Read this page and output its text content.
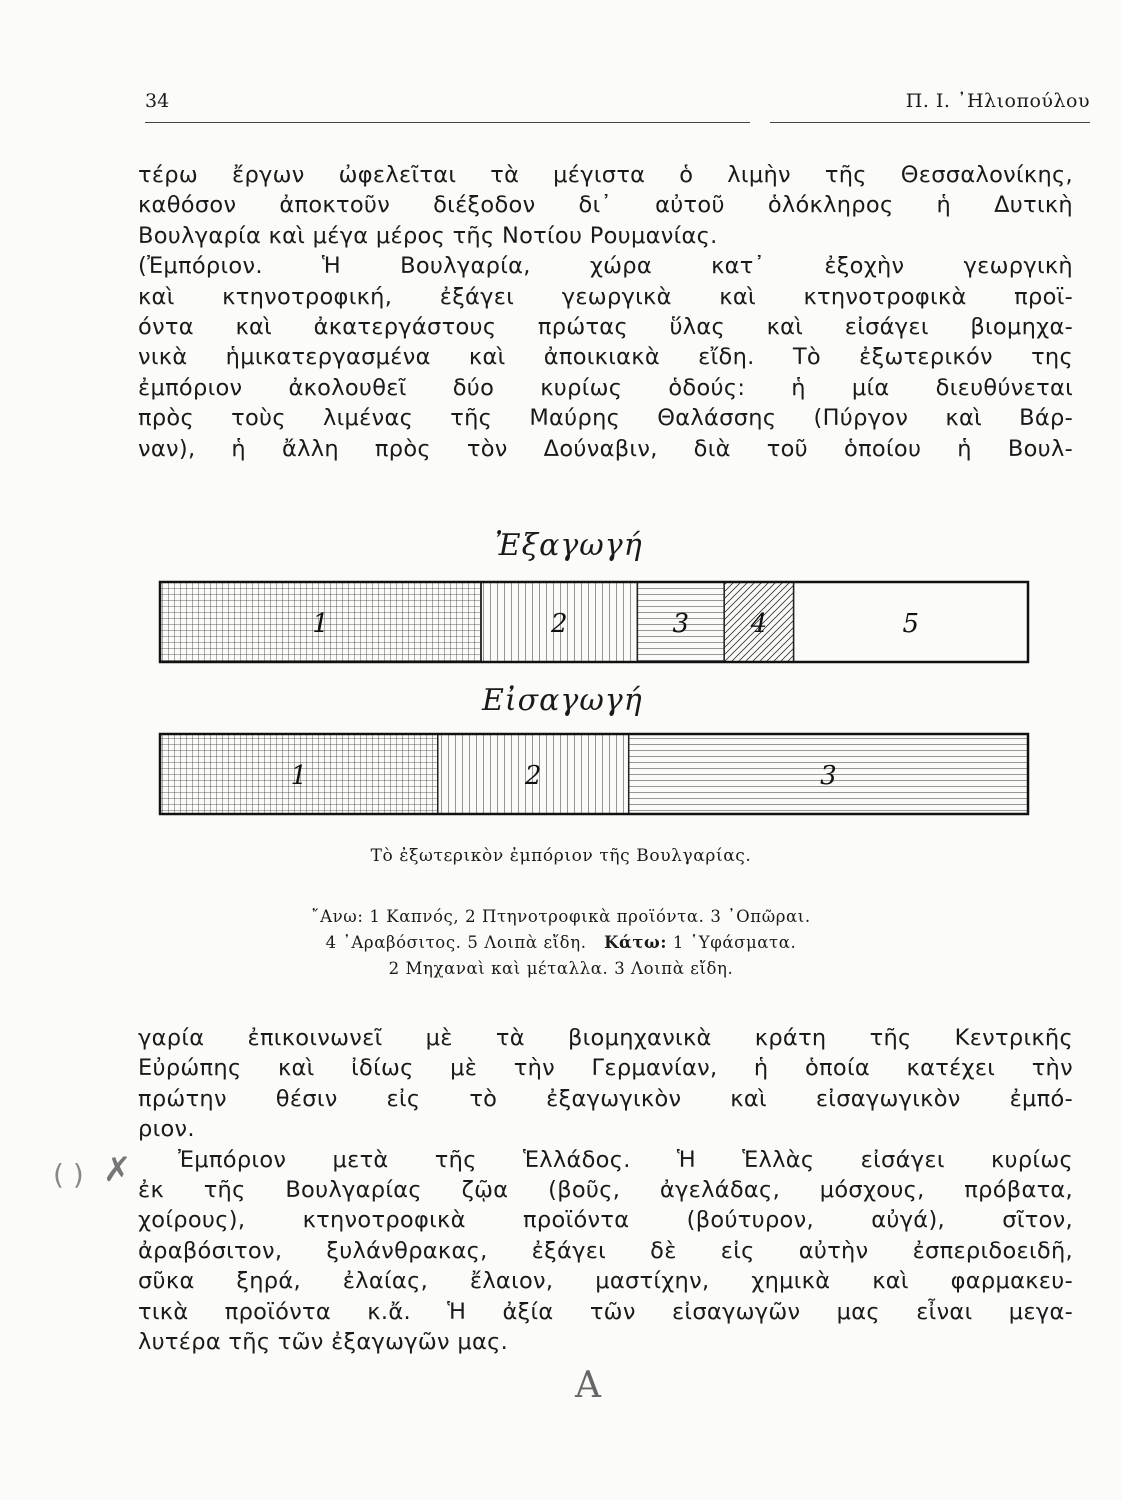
34	Π. Ι. ᾿Ηλιοπούλου
τέρω ἔργων ὠφελεῖται τὰ μέγιστα ὁ λιμὴν τῆς Θεσσαλονίκης,
καθόσον ἀποκτοῦν διέξοδον δι᾿ αὐτοῦ ὁλόκληρος ἡ Δυτικὴ
Βουλγαρία καὶ μέγα μέρος τῆς Νοτίου Ρουμανίας.
(Ἐμπόριον. Ἡ Βουλγαρία, χώρα κατ᾿ ἐξοχὴν γεωργικὴ
καὶ κτηνοτροφική, ἐξάγει γεωργικὰ καὶ κτηνοτροφικὰ προϊ-
όντα καὶ ἀκατεργάστους πρώτας ὕλας καὶ εἰσάγει βιομηχα-
νικὰ ἡμικατεργασμένα καὶ ἀποικιακὰ εἴδη. Τὸ ἐξωτερικόν της
ἐμπόριον ἀκολουθεῖ δύο κυρίως ὁδούς: ἡ μία διευθύνεται
πρὸς τοὺς λιμένας τῆς Μαύρης Θαλάσσης (Πύργον καὶ Βάρ-
ναν), ἡ ἄλλη πρὸς τὸν Δούναβιν, διὰ τοῦ ὁποίου ἡ Βουλ-
Ἐξαγωγή
Εἰσαγωγή
1	2	3 4	5
1	2	3
Τὸ ἐξωτερικὸν ἐμπόριον τῆς Βουλγαρίας.
῎Ανω: 1 Καπνός, 2 Πτηνοτροφικὰ προϊόντα. 3 ᾿Οπῶραι.
4 ᾿Αραβόσιτος. 5 Λοιπὰ εἴδη. Κάτω: 1 ῾Υφάσματα.
2 Μηχαναὶ καὶ μέταλλα. 3 Λοιπὰ εἴδη.
γαρία ἐπικοινωνεῖ μὲ τὰ βιομηχανικὰ κράτη τῆς Κεντρικῆς
Εὐρώπης καὶ ἰδίως μὲ τὴν Γερμανίαν, ἡ ὁποία κατέχει τὴν
πρώτην θέσιν εἰς τὸ ἐξαγωγικὸν καὶ εἰσαγωγικὸν ἐμπό-
ριον.
Ἐμπόριον μετὰ τῆς Ἑλλάδος. Ἡ Ἑλλὰς εἰσάγει κυρίως
ἐκ τῆς Βουλγαρίας ζῷα (βοῦς, ἀγελάδας, μόσχους, πρόβατα,
χοίρους), κτηνοτροφικὰ προϊόντα (βούτυρον, αὐγά), σῖτον,
ἀραβόσιτον, ξυλάνθρακας, ἐξάγει δὲ εἰς αὐτὴν ἐσπεριδοειδῆ,
σῦκα ξηρά, ἐλαίας, ἔλαιον, μαστίχην, χημικὰ καὶ φαρμακευ-
τικὰ προϊόντα κ.ἄ. Ἡ ἀξία τῶν εἰσαγωγῶν μας εἶναι μεγα-
λυτέρα τῆς τῶν ἐξαγωγῶν μας.
( ) ✗
A
